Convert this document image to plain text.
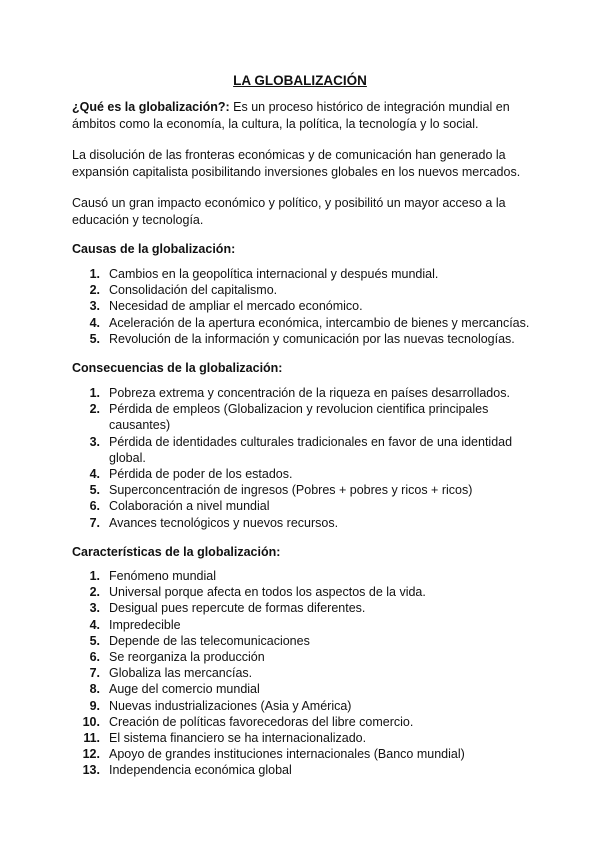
LA GLOBALIZACIÓN
¿Qué es la globalización?: Es un proceso histórico de integración mundial en ámbitos como la economía, la cultura, la política, la tecnología y lo social.
La disolución de las fronteras económicas y de comunicación han generado la expansión capitalista posibilitando inversiones globales en los nuevos mercados.
Causó un gran impacto económico y político, y posibilitó un mayor acceso a la educación y tecnología.
Causas de la globalización:
1. Cambios en la geopolítica internacional y después mundial.
2. Consolidación del capitalismo.
3. Necesidad de ampliar el mercado económico.
4. Aceleración de la apertura económica, intercambio de bienes y mercancías.
5. Revolución de la información y comunicación por las nuevas tecnologías.
Consecuencias de la globalización:
1. Pobreza extrema y concentración de la riqueza en países desarrollados.
2. Pérdida de empleos (Globalizacion y revolucion cientifica principales causantes)
3. Pérdida de identidades culturales tradicionales en favor de una identidad global.
4. Pérdida de poder de los estados.
5. Superconcentración de ingresos (Pobres + pobres y ricos + ricos)
6. Colaboración a nivel mundial
7. Avances tecnológicos y nuevos recursos.
Características de la globalización:
1. Fenómeno mundial
2. Universal porque afecta en todos los aspectos de la vida.
3. Desigual pues repercute de formas diferentes.
4. Impredecible
5. Depende de las telecomunicaciones
6. Se reorganiza la producción
7. Globaliza las mercancías.
8. Auge del comercio mundial
9. Nuevas industrializaciones (Asia y América)
10. Creación de políticas favorecedoras del libre comercio.
11. El sistema financiero se ha internacionalizado.
12. Apoyo de grandes instituciones internacionales (Banco mundial)
13. Independencia económica global
